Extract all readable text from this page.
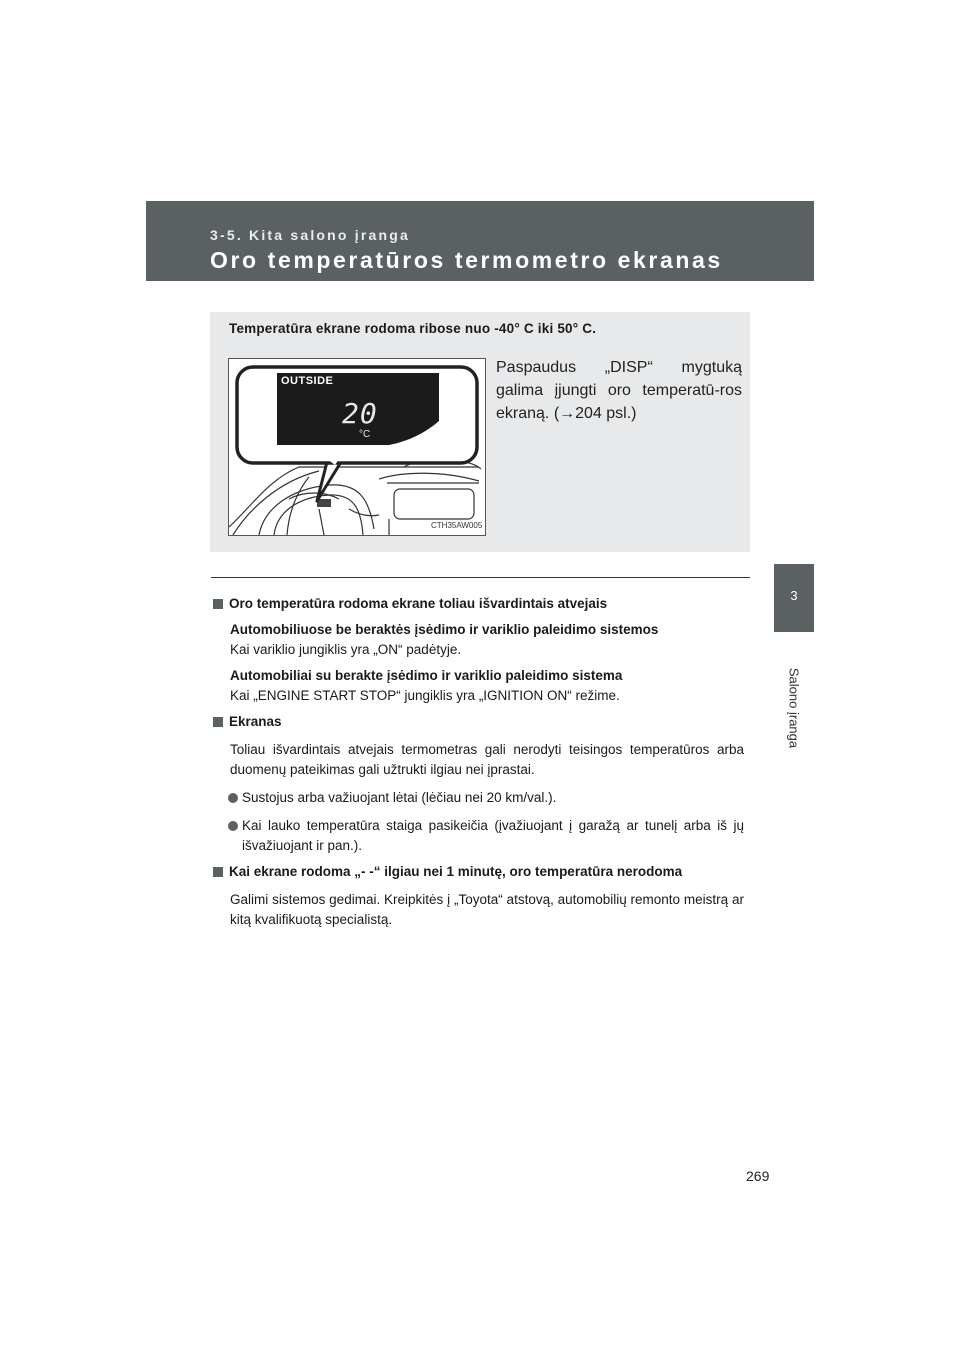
3-5. Kita salono įranga
Oro temperatūros termometro ekranas
3
Salono įranga
Temperatūra ekrane rodoma ribose nuo -40° C iki 50° C.
OUTSIDE
20
°C
CTH35AW005
Paspaudus „DISP“ mygtuką galima įjungti oro temperatū-ros ekraną. (→204 psl.)
Oro temperatūra rodoma ekrane toliau išvardintais atvejais
Automobiliuose be beraktės įsėdimo ir variklio paleidimo sistemos
Kai variklio jungiklis yra „ON“ padėtyje.
Automobiliai su berakte įsėdimo ir variklio paleidimo sistema
Kai „ENGINE START STOP“ jungiklis yra „IGNITION ON“ režime.
Ekranas
Toliau išvardintais atvejais termometras gali nerodyti teisingos temperatūros arba duomenų pateikimas gali užtrukti ilgiau nei įprastai.
Sustojus arba važiuojant lėtai (lėčiau nei 20 km/val.).
Kai lauko temperatūra staiga pasikeičia (įvažiuojant į garažą ar tunelį arba iš jų išvažiuojant ir pan.).
Kai ekrane rodoma „- -“ ilgiau nei 1 minutę, oro temperatūra nerodoma
Galimi sistemos gedimai. Kreipkitės į „Toyota“ atstovą, automobilių remonto meistrą ar kitą kvalifikuotą specialistą.
269
